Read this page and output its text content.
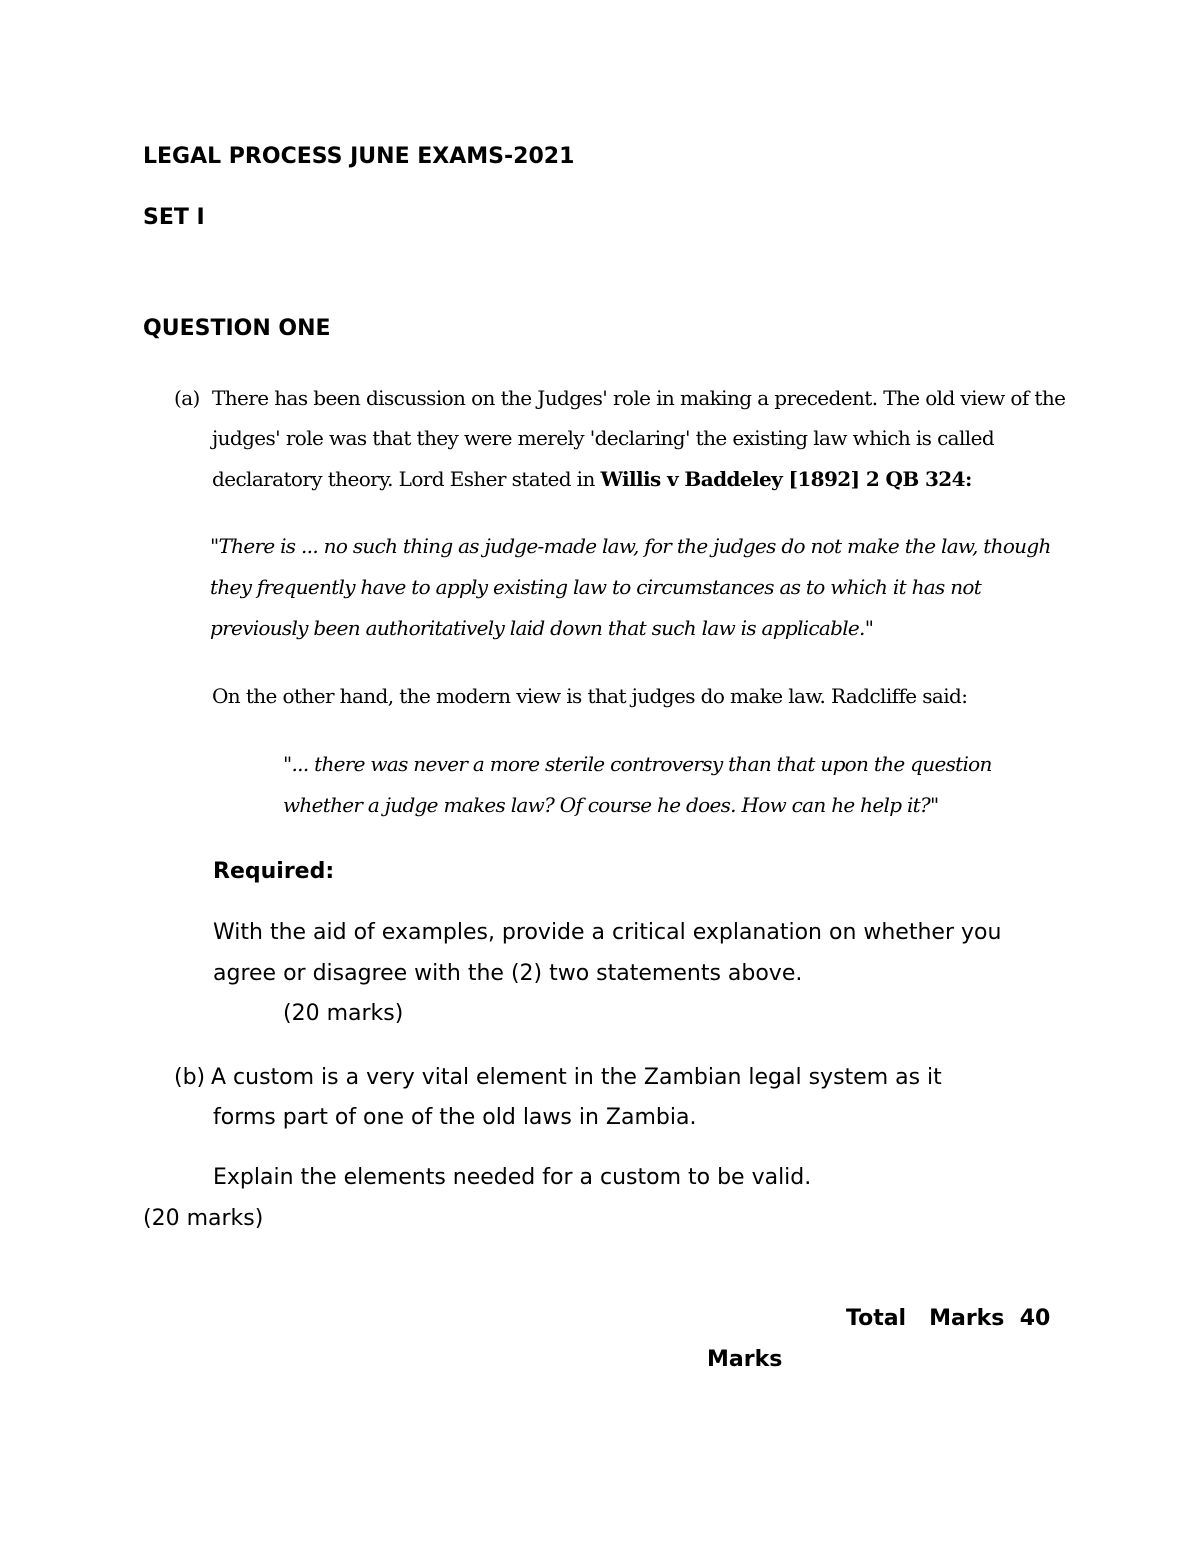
LEGAL PROCESS JUNE EXAMS-2021
SET I
QUESTION ONE
(a) There has been discussion on the Judges' role in making a precedent. The old view of the
judges' role was that they were merely 'declaring' the existing law which is called
declaratory theory. Lord Esher stated in Willis v Baddeley [1892] 2 QB 324:
"There is ... no such thing as judge-made law, for the judges do not make the law, though
they frequently have to apply existing law to circumstances as to which it has not
previously been authoritatively laid down that such law is applicable."
On the other hand, the modern view is that judges do make law. Radcliffe said:
"... there was never a more sterile controversy than that upon the question
whether a judge makes law? Of course he does. How can he help it?"
Required:
With the aid of examples, provide a critical explanation on whether you
agree or disagree with the (2) two statements above.
(20 marks)
(b) A custom is a very vital element in the Zambian legal system as it
forms part of one of the old laws in Zambia.
Explain the elements needed for a custom to be valid.
(20 marks)
Total   Marks  40
Marks
